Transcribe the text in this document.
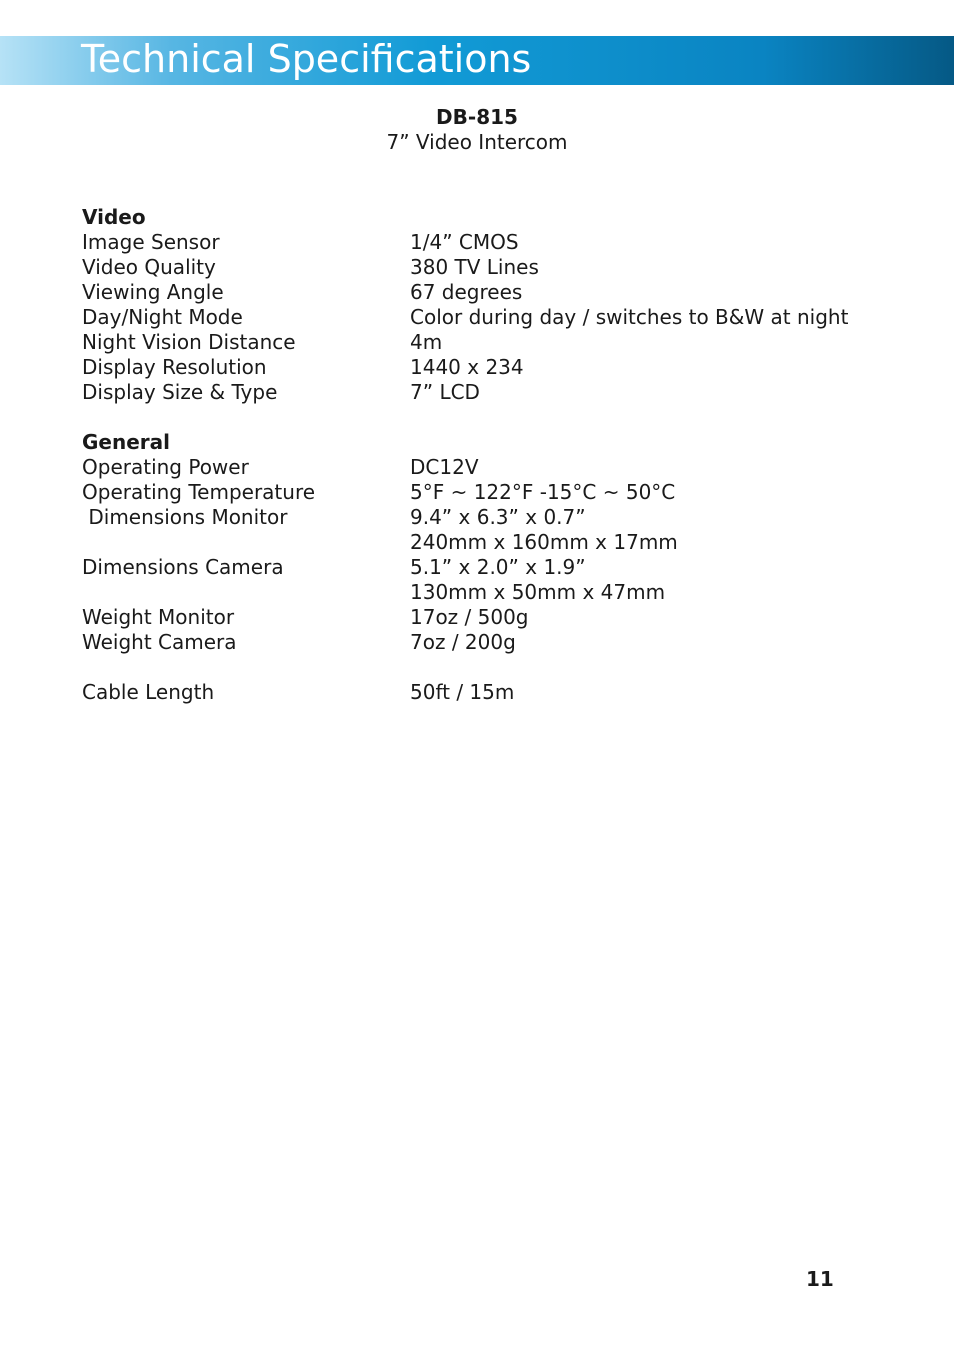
Technical Specifications
DB-815
7” Video Intercom
Video
Image Sensor	1/4” CMOS
Video Quality	380 TV Lines
Viewing Angle	67 degrees
Day/Night Mode	Color during day / switches to B&W at night
Night Vision Distance	4m
Display Resolution	1440 x 234
Display Size & Type	7” LCD
General
Operating Power	DC12V
Operating Temperature	5°F ~ 122°F -15°C ~ 50°C
Dimensions Monitor	9.4” x 6.3” x 0.7”
240mm x 160mm x 17mm
Dimensions Camera	5.1” x 2.0” x 1.9”
130mm x 50mm x 47mm
Weight Monitor	17oz / 500g
Weight Camera	7oz / 200g
Cable Length	50ft / 15m
11
